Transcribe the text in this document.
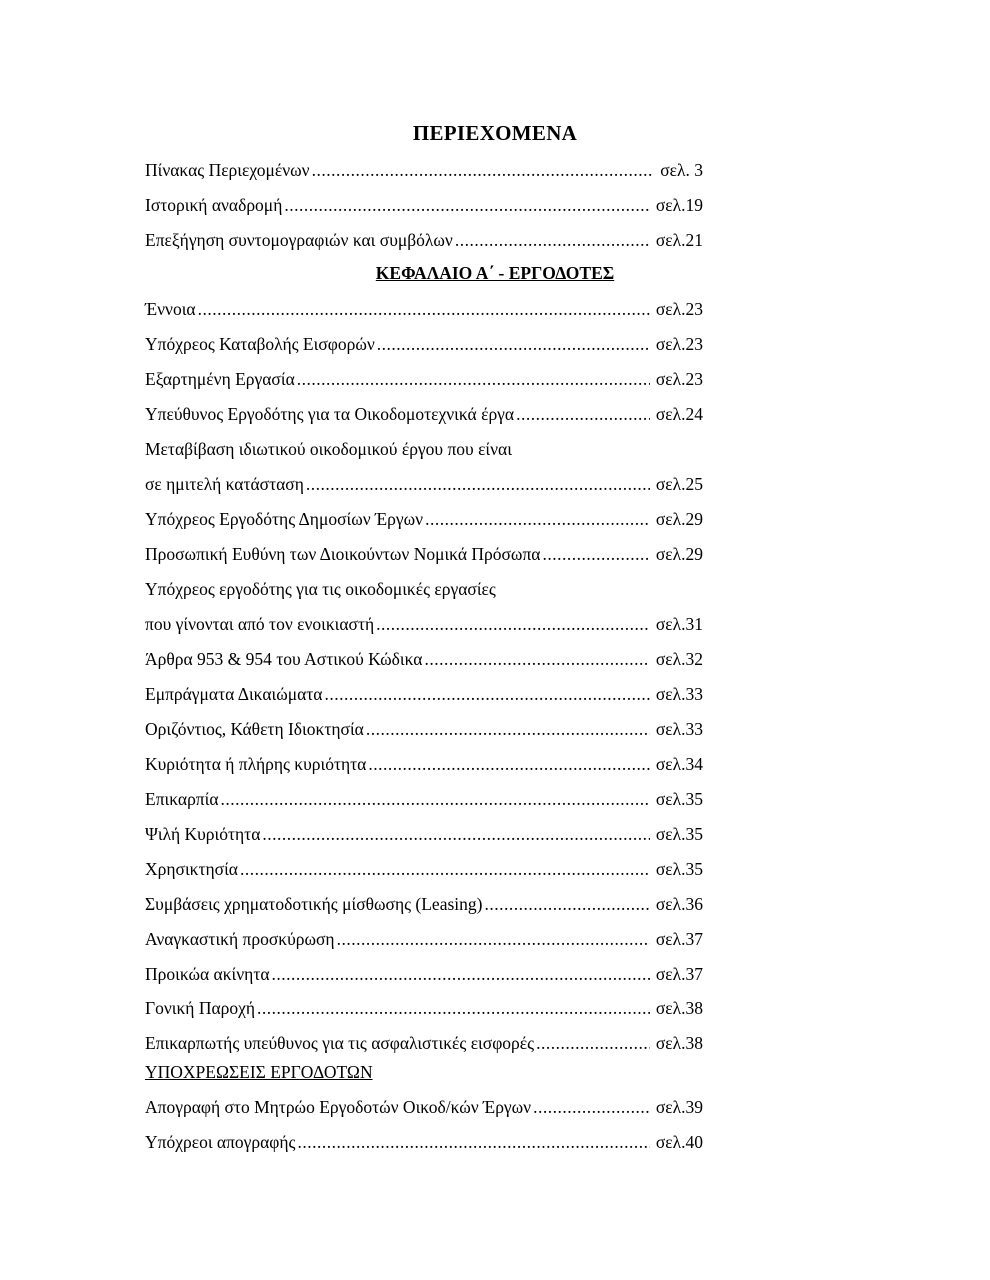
ΠΕΡΙΕΧΟΜΕΝΑ
Πίνακας Περιεχομένων .....	σελ. 3
Ιστορική αναδρομή .....	σελ.19
Επεξήγηση συντομογραφιών και συμβόλων .....	σελ.21
ΚΕΦΑΛΑΙΟ Α΄ - ΕΡΓΟΔΟΤΕΣ
Έννοια .....	σελ.23
Υπόχρεος Καταβολής Εισφορών .....	σελ.23
Εξαρτημένη Εργασία .....	σελ.23
Υπεύθυνος Εργοδότης για τα Οικοδομοτεχνικά έργα .....	σελ.24
Μεταβίβαση ιδιωτικού οικοδομικού έργου που είναι
σε ημιτελή κατάσταση .....	σελ.25
Υπόχρεος Εργοδότης Δημοσίων Έργων .....	σελ.29
Προσωπική Ευθύνη των Διοικούντων Νομικά Πρόσωπα .....	σελ.29
Υπόχρεος εργοδότης για τις οικοδομικές εργασίες
που γίνονται από τον ενοικιαστή .....	σελ.31
Άρθρα 953 & 954 του Αστικού Κώδικα .....	σελ.32
Εμπράγματα Δικαιώματα .....	σελ.33
Οριζόντιος, Κάθετη Ιδιοκτησία .....	σελ.33
Κυριότητα ή πλήρης κυριότητα .....	σελ.34
Επικαρπία .....	σελ.35
Ψιλή Κυριότητα .....	σελ.35
Χρησικτησία .....	σελ.35
Συμβάσεις χρηματοδοτικής μίσθωσης (Leasing) .....	σελ.36
Αναγκαστική προσκύρωση .....	σελ.37
Προικώα ακίνητα .....	σελ.37
Γονική Παροχή .....	σελ.38
Επικαρπωτής υπεύθυνος για τις ασφαλιστικές εισφορές .....	σελ.38
ΥΠΟΧΡΕΩΣΕΙΣ ΕΡΓΟΔΟΤΩΝ
Απογραφή στο Μητρώο Εργοδοτών Οικοδ/κών Έργων .....	σελ.39
Υπόχρεοι απογραφής .....	σελ.40
